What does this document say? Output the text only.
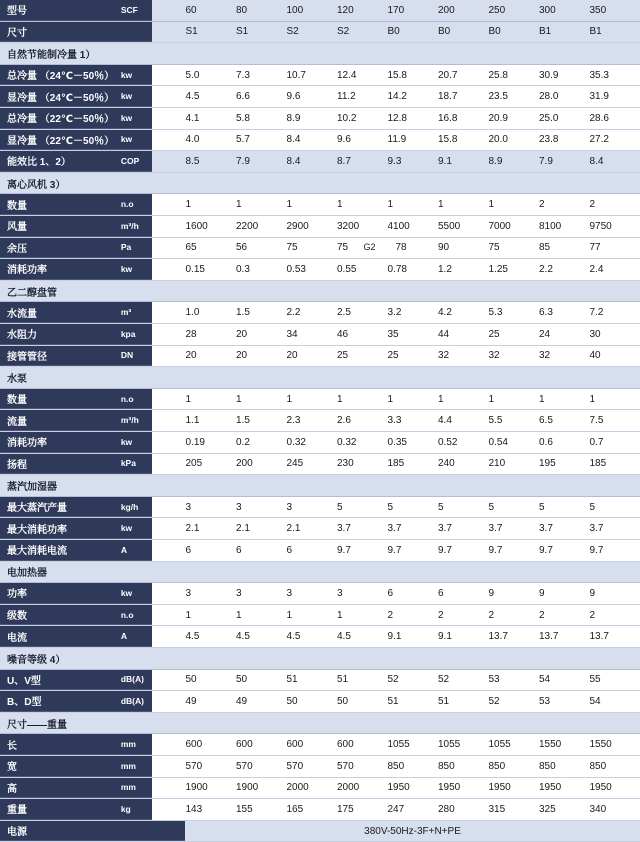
型号	SCF	60	80	100	120	170	200	250	300	350
尺寸	S1	S1	S2	S2	B0	B0	B0	B1	B1
自然节能制冷量 1）
总冷量 （24℃－50％） kw	5.0	7.3	10.7	12.4	15.8	20.7	25.8	30.9	35.3
显冷量 （24℃－50％） kw	4.5	6.6	9.6	11.2	14.2	18.7	23.5	28.0	31.9
总冷量 （22℃－50％） kw	4.1	5.8	8.9	10.2	12.8	16.8	20.9	25.0	28.6
显冷量 （22℃－50％） kw	4.0	5.7	8.4	9.6	11.9	15.8	20.0	23.8	27.2
能效比 1、2）	COP	8.5	7.9	8.4	8.7	9.3	9.1	8.9	7.9	8.4
离心风机 3）
数量	n.o	1	1	1	1	1	1	1	2	2
风量	m³/h	1600	2200	2900	3200	4100	5500	7000	8100	9750
余压	Pa	65	56	75	75	G2 78	90	75	85	77
消耗功率	kw	0.15	0.3	0.53	0.55	0.78	1.2	1.25	2.2	2.4
乙二醇盘管
水流量	m³	1.0	1.5	2.2	2.5	3.2	4.2	5.3	6.3	7.2
水阻力	kpa	28	20	34	46	35	44	25	24	30
接管管径	DN	20	20	20	25	25	32	32	32	40
水泵
数量	n.o	1	1	1	1	1	1	1	1	1
流量	m³/h	1.1	1.5	2.3	2.6	3.3	4.4	5.5	6.5	7.5
消耗功率	kw	0.19	0.2	0.32	0.32	0.35	0.52	0.54	0.6	0.7
扬程	kPa	205	200	245	230	185	240	210	195	185
蒸汽加湿器
最大蒸汽产量	kg/h	3	3	3	5	5	5	5	5	5
最大消耗功率	kw	2.1	2.1	2.1	3.7	3.7	3.7	3.7	3.7	3.7
最大消耗电流	A	6	6	6	9.7	9.7	9.7	9.7	9.7	9.7
电加热器
功率	kw	3	3	3	3	6	6	9	9	9
级数	n.o	1	1	1	1	2	2	2	2	2
电流	A	4.5	4.5	4.5	4.5	9.1	9.1	13.7	13.7	13.7
噪音等级 4）
U、V型	dB(A)	50	50	51	51	52	52	53	54	55
B、D型	dB(A)	49	49	50	50	51	51	52	53	54
尺寸——重量
长	mm	600	600	600	600	1055	1055	1055	1550	1550
宽	mm	570	570	570	570	850	850	850	850	850
高	mm	1900	1900	2000	2000	1950	1950	1950	1950	1950
重量	kg	143	155	165	175	247	280	315	325	340
电源	380V-50Hz-3F+N+PE
